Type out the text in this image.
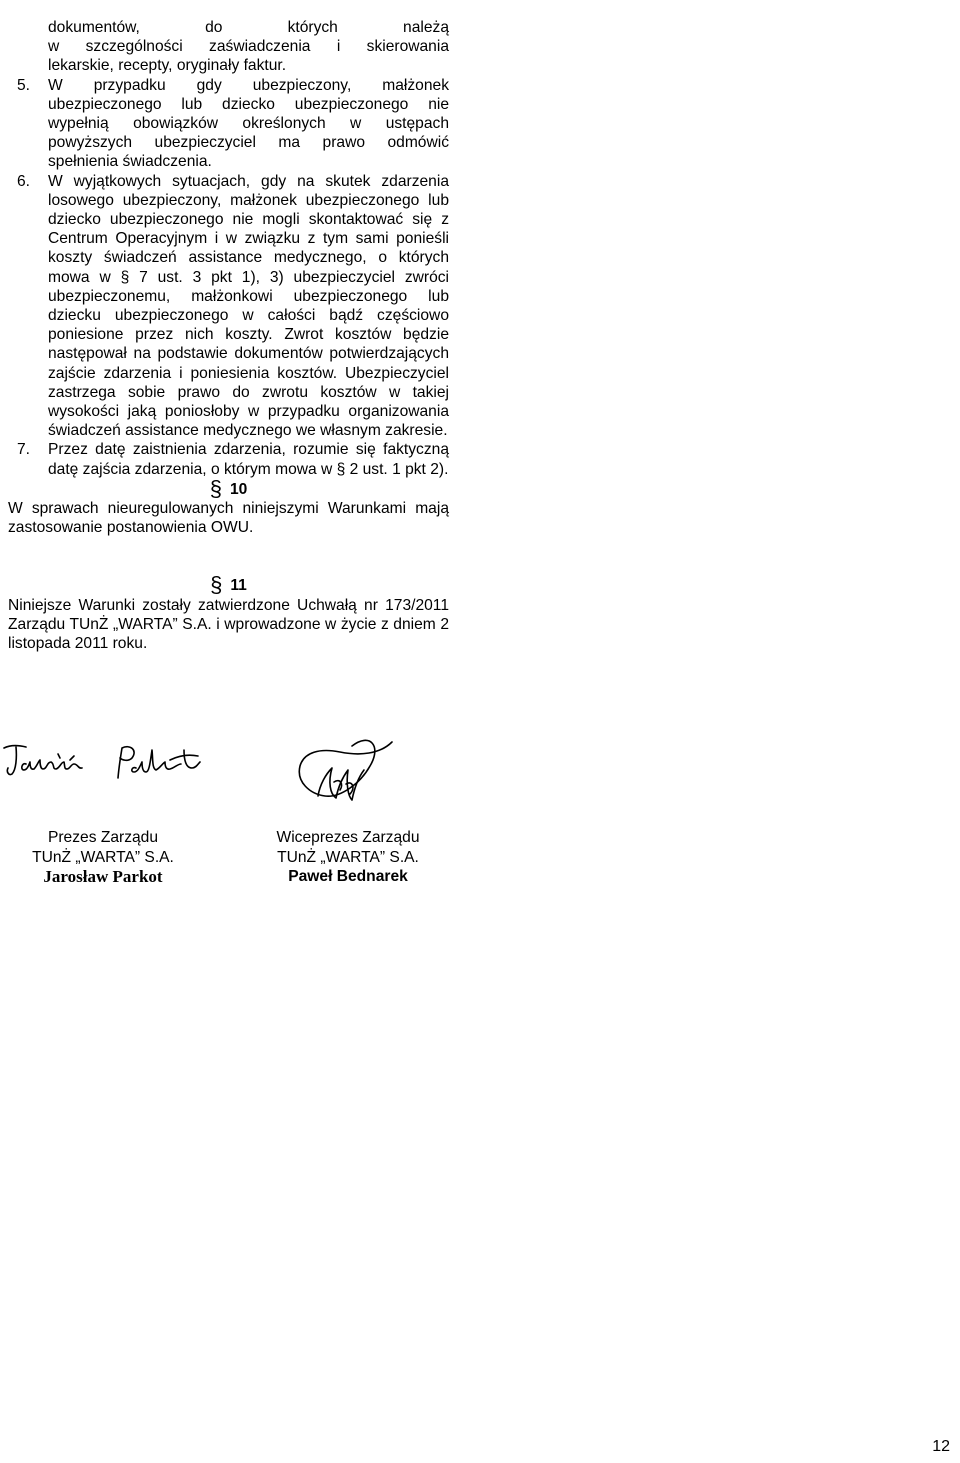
dokumentów, do których należą

w szczególności zaświadczenia i skierowania

lekarskie, recepty, oryginały faktur.

5. W przypadku gdy ubezpieczony, małżonek ubezpieczonego lub dziecko ubezpieczonego nie wypełnią obowiązków określonych w ustępach powyższych ubezpieczyciel ma prawo odmówić spełnienia świadczenia.
6. W wyjątkowych sytuacjach, gdy na skutek zdarzenia losowego ubezpieczony, małżonek ubezpieczonego lub dziecko ubezpieczonego nie mogli skontaktować się z Centrum Operacyjnym i w związku z tym sami ponieśli koszty świadczeń assistance medycznego, o których mowa w § 7 ust. 3 pkt 1), 3) ubezpieczyciel zwróci ubezpieczonemu, małżonkowi ubezpieczonego lub dziecku ubezpieczonego w całości bądź częściowo poniesione przez nich koszty. Zwrot kosztów będzie następował na podstawie dokumentów potwierdzających zajście zdarzenia i poniesienia kosztów. Ubezpieczyciel zastrzega sobie prawo do zwrotu kosztów w takiej wysokości jaką poniosłoby w przypadku organizowania świadczeń assistance medycznego we własnym zakresie.
7. Przez datę zaistnienia zdarzenia, rozumie się faktyczną datę zajścia zdarzenia, o którym mowa w § 2 ust. 1 pkt 2).

§ 10

W sprawach nieuregulowanych niniejszymi Warunkami mają zastosowanie postanowienia OWU.

§ 11

Niniejsze Warunki zostały zatwierdzone Uchwałą nr 173/2011 Zarządu TUnŻ „WARTA” S.A. i wprowadzone w życie z dniem 2 listopada 2011 roku.

Prezes Zarządu
TUnŻ „WARTA” S.A.
Jarosław Parkot
Wiceprezes Zarządu
TUnŻ „WARTA” S.A.
Paweł Bednarek
12
